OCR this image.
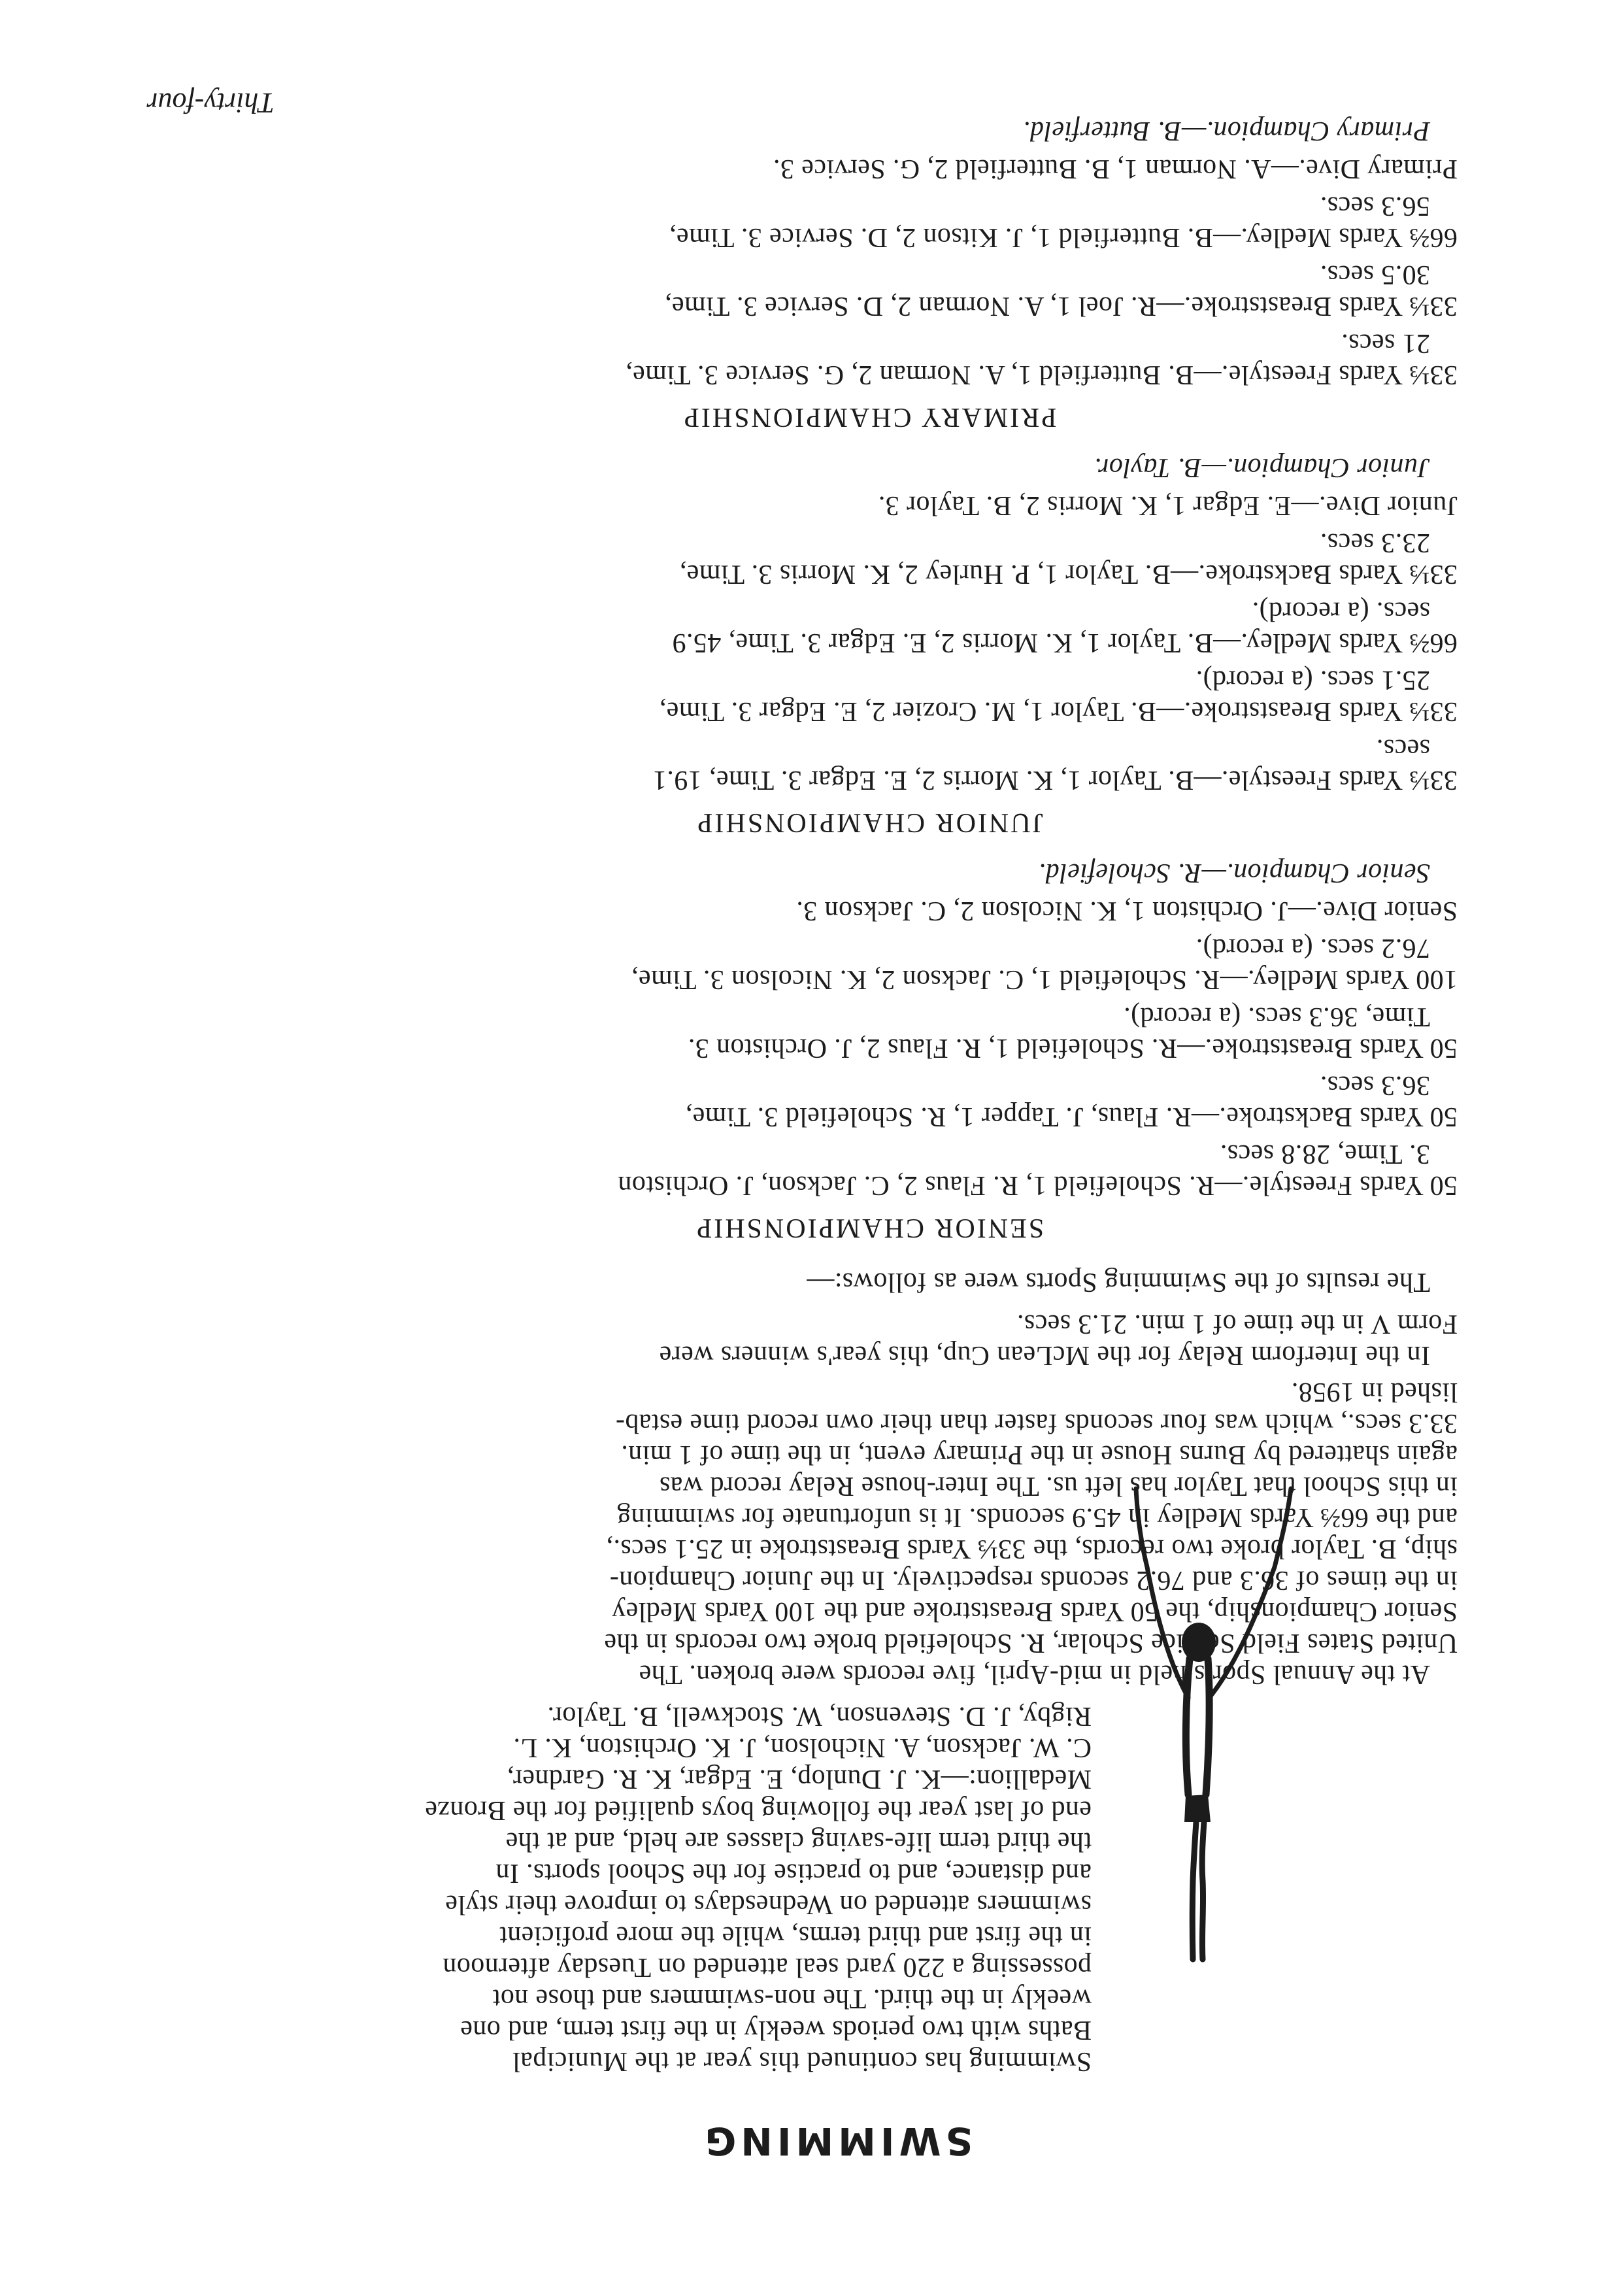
SWIMMING

Swimming has continued this year at the Municipal

Baths with two periods weekly in the first term, and one

weekly in the third. The non-swimmers and those not

possessing a 220 yard seal attended on Tuesday afternoon

in the first and third terms, while the more proficient

swimmers attended on Wednesdays to improve their style

and distance, and to practise for the School sports. In

the third term life-saving classes are held, and at the

end of last year the following boys qualified for the Bronze

Medallion:—K. J. Dunlop, E. Edgar, K. R. Gardner,

C. W. Jackson, A. Nicholson, J. K. Orchiston, K. L.

Rigby, J. D. Stevenson, W. Stockwell, B. Taylor.

At the Annual Sports held in mid-April, five records were broken. The

United States Field Service Scholar, R. Scholefield broke two records in the

Senior Championship, the 50 Yards Breaststroke and the 100 Yards Medley

in the times of 36.3 and 76.2 seconds respectively. In the Junior Champion-

ship, B. Taylor broke two records, the 33⅓ Yards Breaststroke in 25.1 secs.,

and the 66⅔ Yards Medley in 45.9 seconds. It is unfortunate for swimming

in this School that Taylor has left us. The Inter-house Relay record was

again shattered by Burns House in the Primary event, in the time of 1 min.

33.3 secs., which was four seconds faster than their own record time estab-

lished in 1958.

In the Interform Relay for the McLean Cup, this year's winners were

Form V in the time of 1 min. 21.3 secs.

The results of the Swimming Sports were as follows:—

SENIOR CHAMPIONSHIP

50 Yards Freestyle.—R. Scholefield 1, R. Flaus 2, C. Jackson, J. Orchiston

3. Time, 28.8 secs.

50 Yards Backstroke.—R. Flaus, J. Tapper 1, R. Scholefield 3. Time,

36.3 secs.

50 Yards Breaststroke.—R. Scholefield 1, R. Flaus 2, J. Orchiston 3.

Time, 36.3 secs. (a record).

100 Yards Medley.—R. Scholefield 1, C. Jackson 2, K. Nicolson 3. Time,

76.2 secs. (a record).

Senior Dive.—J. Orchiston 1, K. Nicolson 2, C. Jackson 3.

Senior Champion.—R. Scholefield.

JUNIOR CHAMPIONSHIP

33⅓ Yards Freestyle.—B. Taylor 1, K. Morris 2, E. Edgar 3. Time, 19.1

secs.

33⅓ Yards Breaststroke.—B. Taylor 1, M. Crozier 2, E. Edgar 3. Time,

25.1 secs. (a record).

66⅔ Yards Medley.—B. Taylor 1, K. Morris 2, E. Edgar 3. Time, 45.9

secs. (a record).

33⅓ Yards Backstroke.—B. Taylor 1, P. Hurley 2, K. Morris 3. Time,

23.3 secs.

Junior Dive.—E. Edgar 1, K. Morris 2, B. Taylor 3.

Junior Champion.—B. Taylor.

PRIMARY CHAMPIONSHIP

33⅓ Yards Freestyle.—B. Butterfield 1, A. Norman 2, G. Service 3. Time,

21 secs.

33⅓ Yards Breaststroke.—R. Joel 1, A. Norman 2, D. Service 3. Time,

30.5 secs.

66⅔ Yards Medley.—B. Butterfield 1, J. Kitson 2, D. Service 3. Time,

56.3 secs.

Primary Dive.—A. Norman 1, B. Butterfield 2, G. Service 3.

Primary Champion.—B. Butterfield.

Thirty-four
